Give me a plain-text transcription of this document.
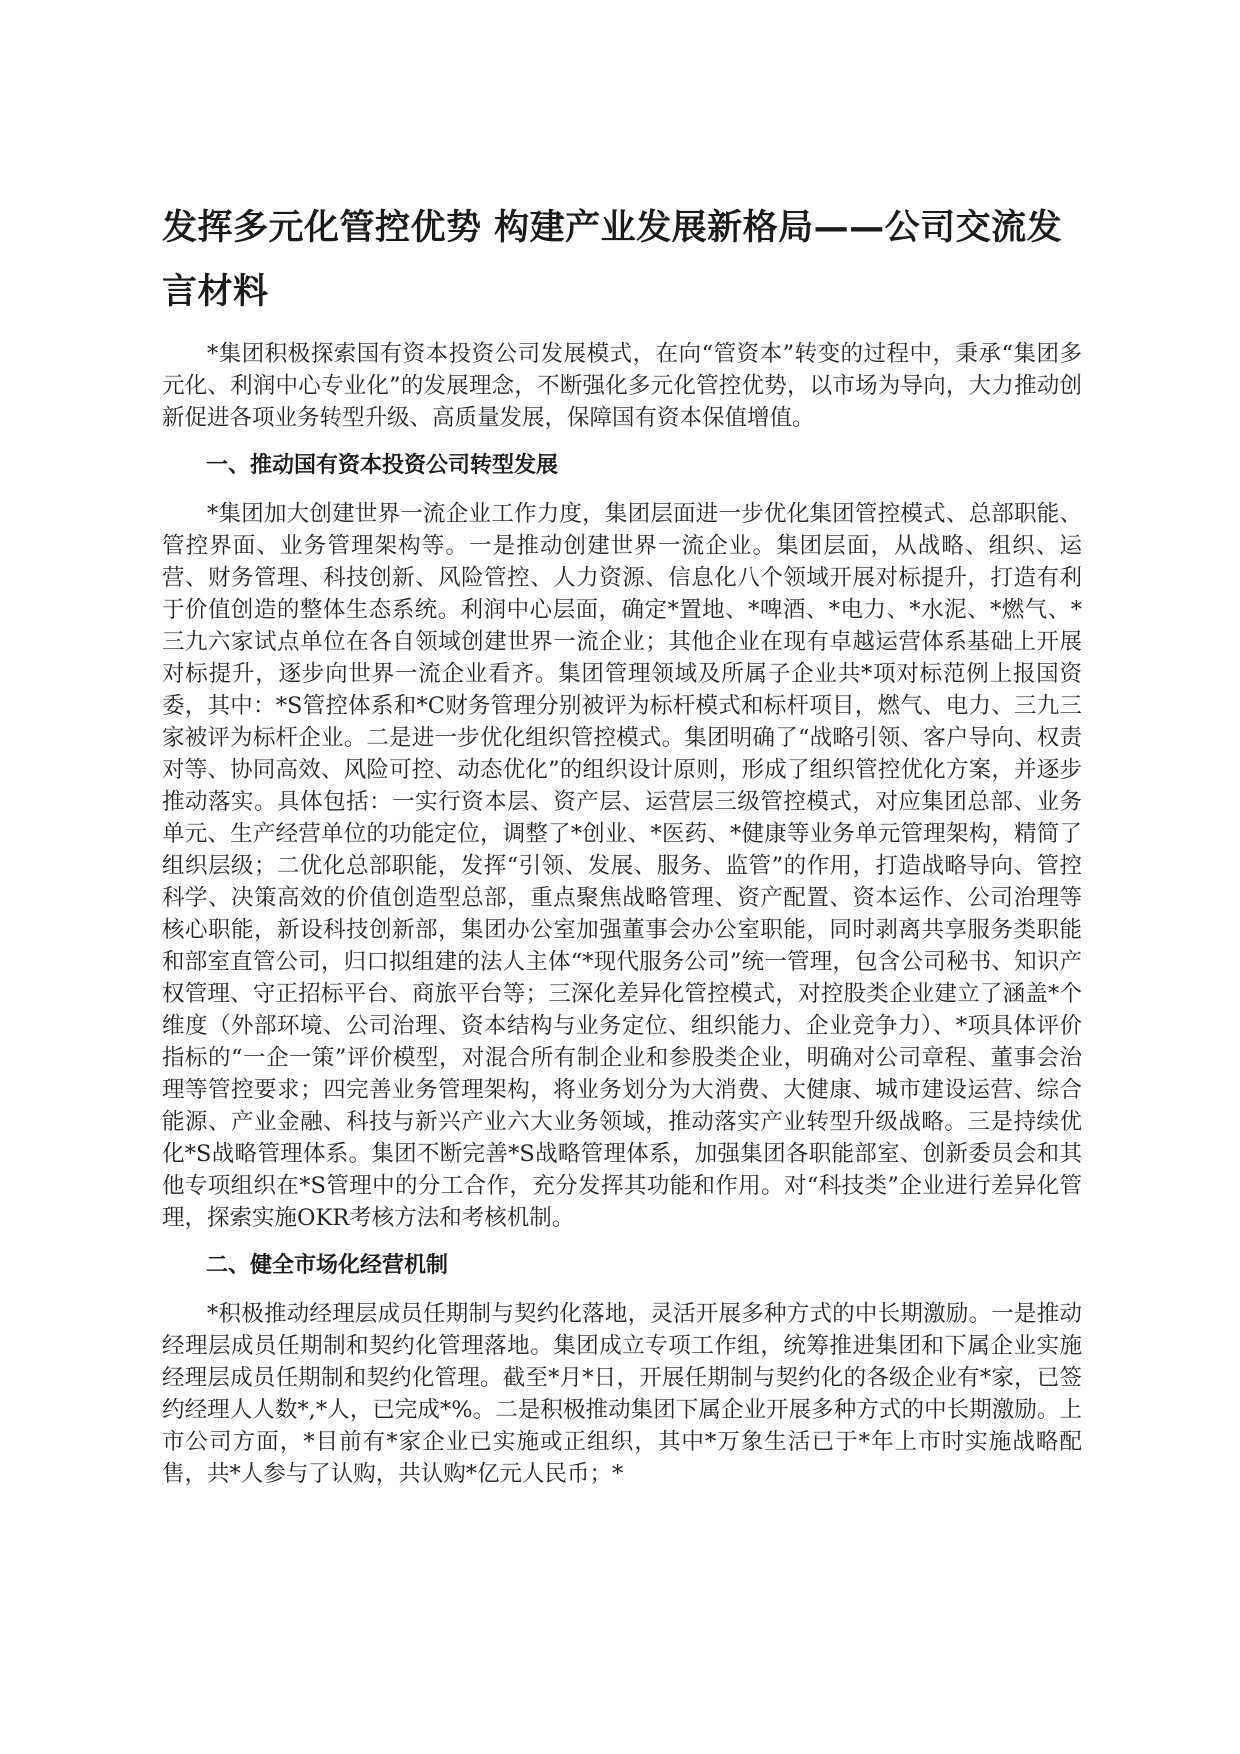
发挥多元化管控优势 构建产业发展新格局——公司交流发言材料

*集团积极探索国有资本投资公司发展模式，在向“管资本”转变的过程中，秉承“集团多元化、利润中心专业化”的发展理念，不断强化多元化管控优势，以市场为导向，大力推动创新促进各项业务转型升级、高质量发展，保障国有资本保值增值。

一、推动国有资本投资公司转型发展

*集团加大创建世界一流企业工作力度，集团层面进一步优化集团管控模式、总部职能、管控界面、业务管理架构等。一是推动创建世界一流企业。集团层面，从战略、组织、运营、财务管理、科技创新、风险管控、人力资源、信息化八个领域开展对标提升，打造有利于价值创造的整体生态系统。利润中心层面，确定*置地、*啤酒、*电力、*水泥、*燃气、*三九六家试点单位在各自领域创建世界一流企业；其他企业在现有卓越运营体系基础上开展对标提升，逐步向世界一流企业看齐。集团管理领域及所属子企业共*项对标范例上报国资委，其中：*S管控体系和*C财务管理分别被评为标杆模式和标杆项目，燃气、电力、三九三家被评为标杆企业。二是进一步优化组织管控模式。集团明确了“战略引领、客户导向、权责对等、协同高效、风险可控、动态优化”的组织设计原则，形成了组织管控优化方案，并逐步推动落实。具体包括：一实行资本层、资产层、运营层三级管控模式，对应集团总部、业务单元、生产经营单位的功能定位，调整了*创业、*医药、*健康等业务单元管理架构，精简了组织层级；二优化总部职能，发挥“引领、发展、服务、监管”的作用，打造战略导向、管控科学、决策高效的价值创造型总部，重点聚焦战略管理、资产配置、资本运作、公司治理等核心职能，新设科技创新部，集团办公室加强董事会办公室职能，同时剥离共享服务类职能和部室直管公司，归口拟组建的法人主体“*现代服务公司”统一管理，包含公司秘书、知识产权管理、守正招标平台、商旅平台等；三深化差异化管控模式，对控股类企业建立了涵盖*个维度（外部环境、公司治理、资本结构与业务定位、组织能力、企业竞争力）、*项具体评价指标的“一企一策”评价模型，对混合所有制企业和参股类企业，明确对公司章程、董事会治理等管控要求；四完善业务管理架构，将业务划分为大消费、大健康、城市建设运营、综合能源、产业金融、科技与新兴产业六大业务领域，推动落实产业转型升级战略。三是持续优化*S战略管理体系。集团不断完善*S战略管理体系，加强集团各职能部室、创新委员会和其他专项组织在*S管理中的分工合作，充分发挥其功能和作用。对“科技类”企业进行差异化管理，探索实施OKR考核方法和考核机制。

二、健全市场化经营机制

*积极推动经理层成员任期制与契约化落地，灵活开展多种方式的中长期激励。一是推动经理层成员任期制和契约化管理落地。集团成立专项工作组，统筹推进集团和下属企业实施经理层成员任期制和契约化管理。截至*月*日，开展任期制与契约化的各级企业有*家，已签约经理人人数*,*人，已完成*%。二是积极推动集团下属企业开展多种方式的中长期激励。上市公司方面，*目前有*家企业已实施或正组织，其中*万象生活已于*年上市时实施战略配售，共*人参与了认购，共认购*亿元人民币；*
